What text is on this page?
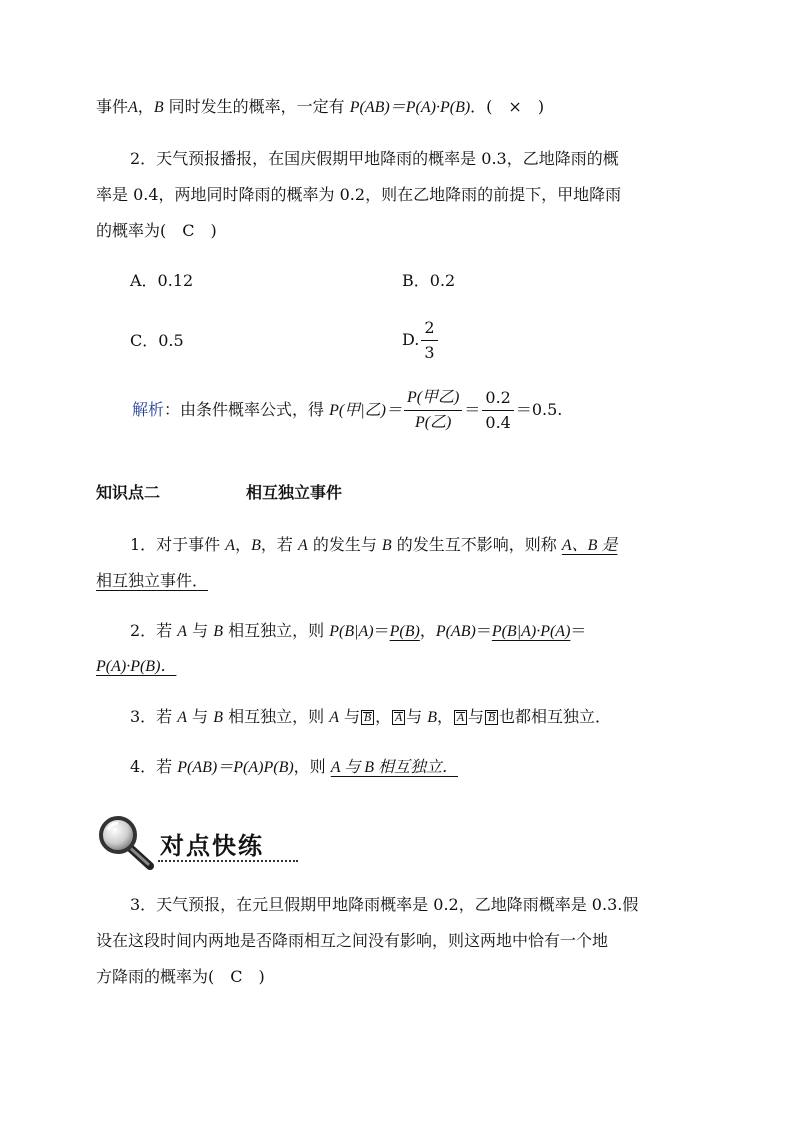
事件A，B 同时发生的概率，一定有 P(AB)＝P(A)·P(B)．(　×　)
2．天气预报播报，在国庆假期甲地降雨的概率是 0.3，乙地降雨的概
率是 0.4，两地同时降雨的概率为 0.2，则在乙地降雨的前提下，甲地降雨
的概率为(　C　)
A．0.12	B．0.2
C．0.5	D. $\frac{2}{3}$
解析：由条件概率公式，得 P(甲|乙)＝ $\frac{\text{P(甲乙)}}{\text{P(乙)}} = \frac{0.2}{0.4} =0.5$.
知识点二	相互独立事件
1．对于事件 A，B，若 A 的发生与 B 的发生互不影响，则称 A、B 是
相互独立事件．
2．若 A 与 B 相互独立，则 P(B|A)＝P(B)，P(AB)＝P(B|A)·P(A)＝
P(A)·P(B)．
3．若 A 与 B 相互独立，则 A 与 B ， A 与 B， A 与 B 也都相互独立．
4．若 P(AB)＝P(A)P(B)，则 A 与 B 相互独立．
对点快练
3．天气预报，在元旦假期甲地降雨概率是 0.2，乙地降雨概率是 0.3.假
设在这段时间内两地是否降雨相互之间没有影响，则这两地中恰有一个地
方降雨的概率为(　C　)
